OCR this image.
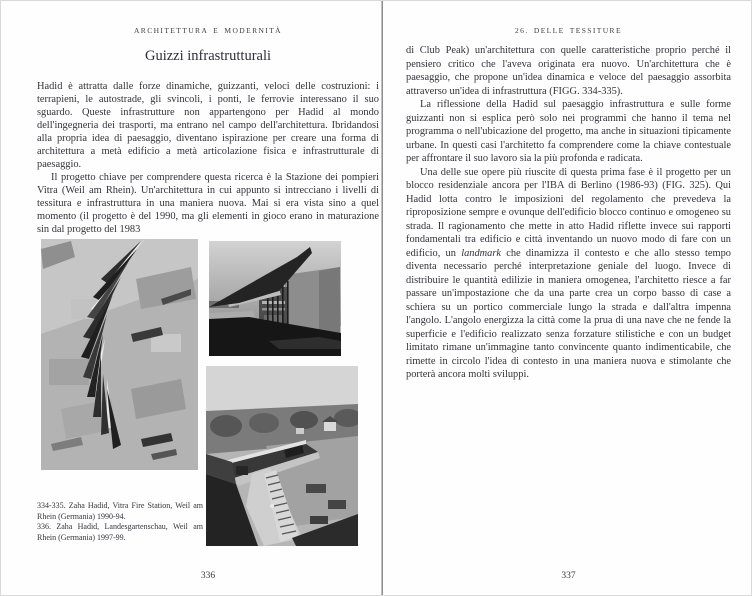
ARCHITETTURA E MODERNITÀ
Guizzi infrastrutturali

Hadid è attratta dalle forze dinamiche, guizzanti, veloci delle costruzioni: i terrapieni, le autostrade, gli svincoli, i ponti, le ferrovie interessano il suo sguardo. Queste infrastrutture non appartengono per Hadid al mondo dell'ingegneria dei trasporti, ma entrano nel campo dell'architettura. Ibridandosi alla propria idea di paesaggio, diventano ispirazione per creare una forma di architettura a metà edificio a metà articolazione fisica e infrastrutturale di paesaggio.

Il progetto chiave per comprendere questa ricerca è la Stazione dei pompieri Vitra (Weil am Rhein). Un'architettura in cui appunto si intrecciano i livelli di tessitura e infrastruttura in una maniera nuova. Mai si era vista sino a quel momento (il progetto è del 1990, ma gli elementi in gioco erano in maturazione sin dal progetto del 1983

334-335. Zaha Hadid, Vitra Fire Station, Weil am Rhein (Germania) 1990-94.

336. Zaha Hadid, Landesgartenschau, Weil am Rhein (Germania) 1997-99.

336
26. DELLE TESSITURE

di Club Peak) un'architettura con quelle caratteristiche proprio perché il pensiero critico che l'aveva originata era nuovo. Un'architettura che è paesaggio, che propone un'idea dinamica e veloce del paesaggio assorbita attraverso un'idea di infrastruttura (FIGG. 334-335).

La riflessione della Hadid sul paesaggio infrastruttura e sulle forme guizzanti non si esplica però solo nei programmi che hanno il tema nel programma o nell'ubicazione del progetto, ma anche in situazioni tipicamente urbane. In questi casi l'architetto fa comprendere come la chiave contestuale per affrontare il suo lavoro sia la più profonda e radicata.

Una delle sue opere più riuscite di questa prima fase è il progetto per un blocco residenziale ancora per l'IBA di Berlino (1986-93) (FIG. 325). Qui Hadid lotta contro le imposizioni del regolamento che prevedeva la riproposizione sempre e ovunque dell'edificio blocco continuo e omogeneo su strada. Il ragionamento che mette in atto Hadid riflette invece sui rapporti fondamentali tra edificio e città inventando un nuovo modo di fare con un edificio, un landmark che dinamizza il contesto e che allo stesso tempo diventa necessario perché interpretazione geniale del luogo. Invece di distribuire le quantità edilizie in maniera omogenea, l'architetto riesce a far passare un'impostazione che da una parte crea un corpo basso di case a schiera su un portico commerciale lungo la strada e dall'altra impenna l'angolo. L'angolo energizza la città come la prua di una nave che ne fende la superficie e l'edificio realizzato senza forzature stilistiche e con un budget limitato rimane un'immagine tanto convincente quanto indimenticabile, che rimette in circolo l'idea di contesto in una maniera nuova e stimolante che porterà ancora molti sviluppi.

337
